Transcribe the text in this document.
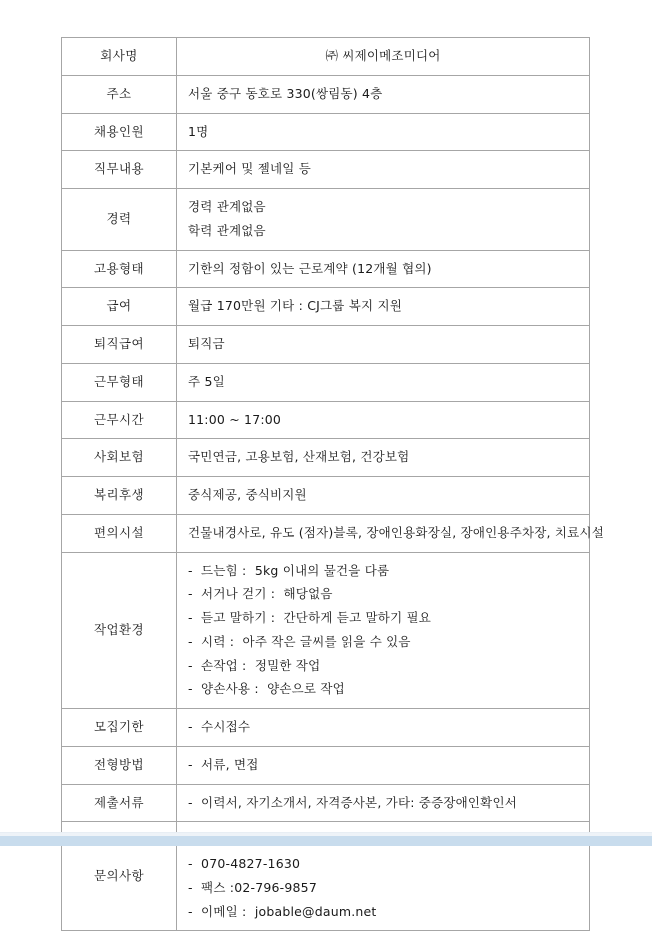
회사명	㈜ 씨제이메조미디어

주소	서울 중구 동호로 330(쌍림동) 4층

채용인원	1명

직무내용	기본케어 및 젤네일 등

경력	경력 관계없음
학력 관계없음

고용형태	기한의 정함이 있는 근로계약 (12개월 협의)

급여	월급 170만원 기타 : CJ그룹 복지 지원

퇴직급여	퇴직금

근무형태	주 5일

근무시간	11:00 ~ 17:00

사회보험	국민연금, 고용보험, 산재보험, 건강보험

복리후생	중식제공, 중식비지원

편의시설	건물내경사로, 유도 (점자)블록, 장애인용화장실, 장애인용주차장, 치료시설

작업환경	
-  드는힘 :  5kg 이내의 물건을 다룸
-  서거나 걷기 :  해당없음
-  듣고 말하기 :  간단하게 듣고 말하기 필요
-  시력 :  아주 작은 글씨를 읽을 수 있음
-  손작업 :  정밀한 작업
-  양손사용 :  양손으로 작업

모집기한	-  수시접수

전형방법	-  서류, 면접

제출서류	-  이력서, 자기소개서, 자격증사본, 가타: 중증장애인확인서

문의사항	-  070-4827-1630
-  팩스 :02-796-9857
-  이메일 :  jobable@daum.net
